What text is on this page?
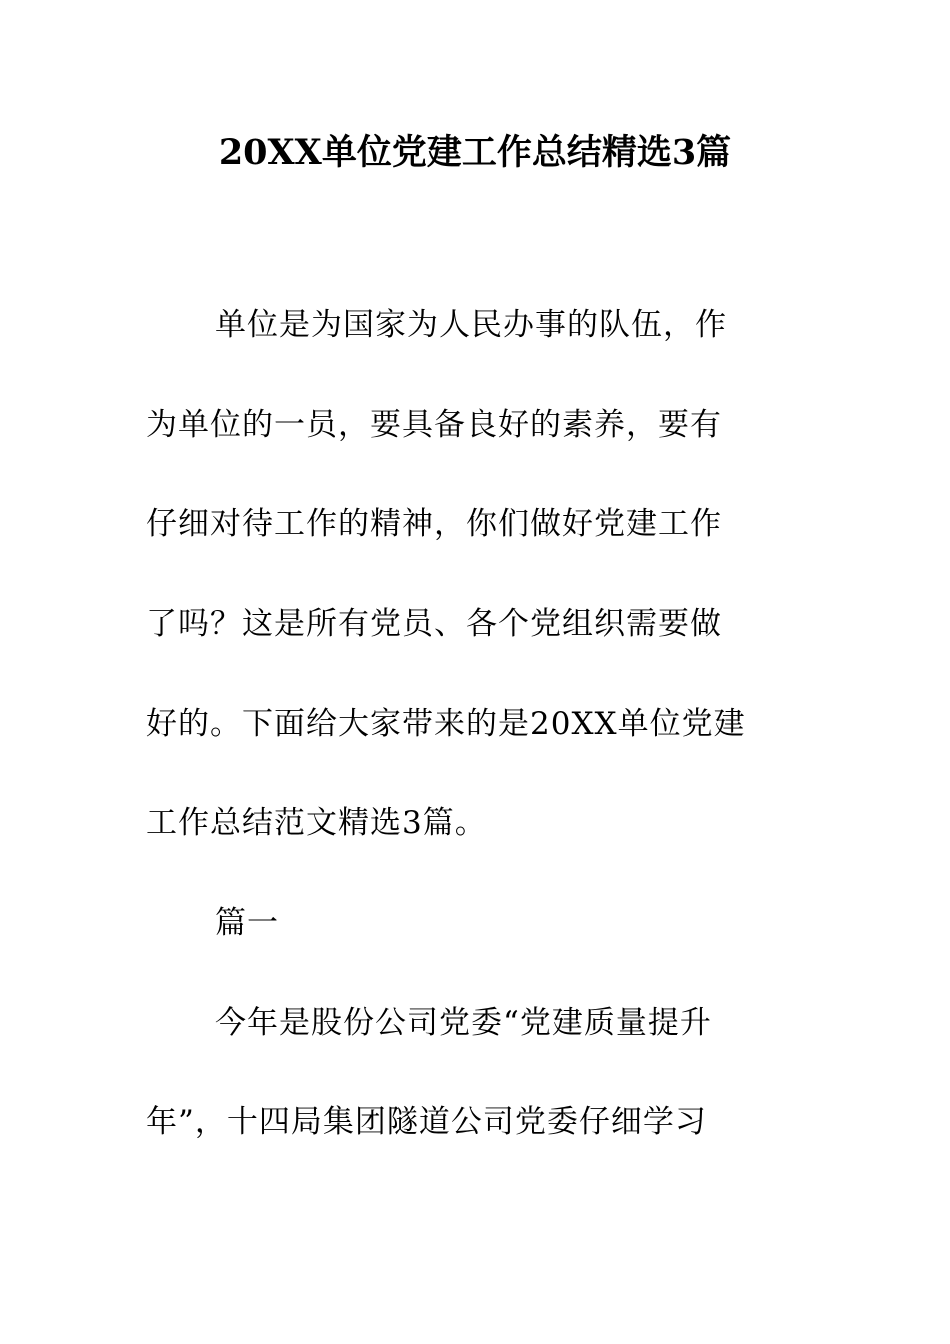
20XX单位党建工作总结精选3篇
单位是为国家为人民办事的队伍，作
为单位的一员，要具备良好的素养，要有
仔细对待工作的精神，你们做好党建工作
了吗？这是所有党员、各个党组织需要做
好的。下面给大家带来的是20XX单位党建
工作总结范文精选3篇。
篇一
今年是股份公司党委“党建质量提升
年”，十四局集团隧道公司党委仔细学习
